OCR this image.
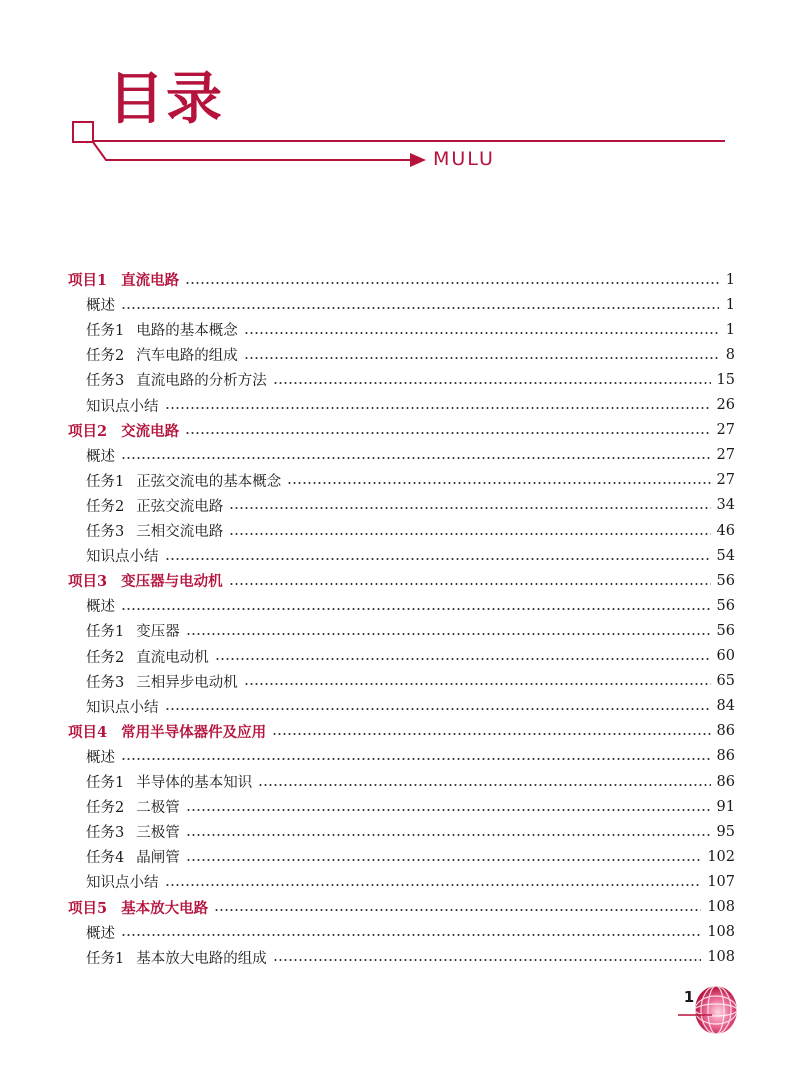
目录
MULU
项目1 直流电路	1
概述	1
任务1 电路的基本概念	1
任务2 汽车电路的组成	8
任务3 直流电路的分析方法	15
知识点小结	26
项目2 交流电路	27
概述	27
任务1 正弦交流电的基本概念	27
任务2 正弦交流电路	34
任务3 三相交流电路	46
知识点小结	54
项目3 变压器与电动机	56
概述	56
任务1 变压器	56
任务2 直流电动机	60
任务3 三相异步电动机	65
知识点小结	84
项目4 常用半导体器件及应用	86
概述	86
任务1 半导体的基本知识	86
任务2 二极管	91
任务3 三极管	95
任务4 晶闸管	102
知识点小结	107
项目5 基本放大电路	108
概述	108
任务1 基本放大电路的组成	108
1
